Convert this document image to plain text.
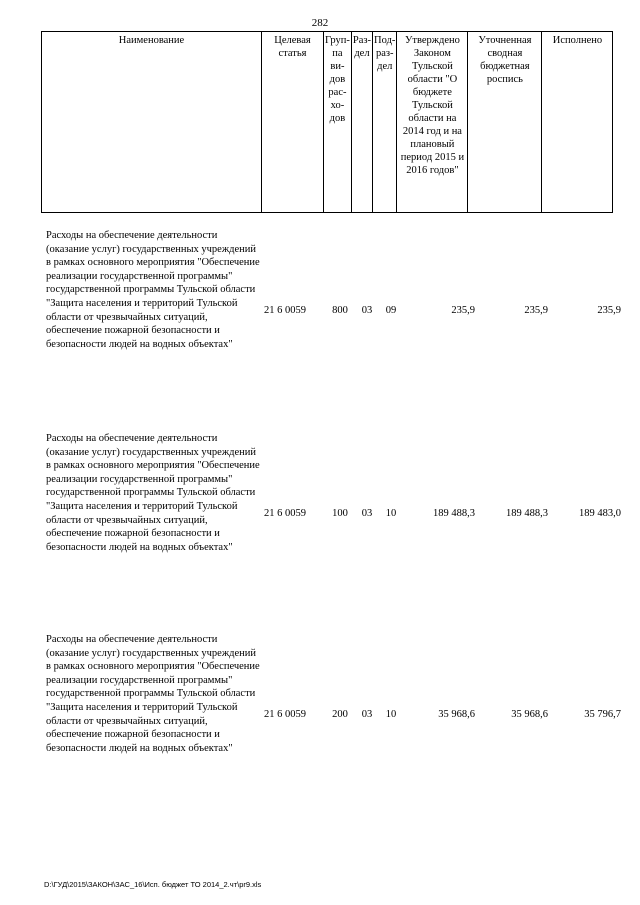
282
Наименование	Целевая статья	Груп-па ви-дов рас-хо-дов	Раз-дел	Под-раз-дел	Утверждено Законом Тульской области "О бюджете Тульской области на 2014 год и на плановый период 2015 и 2016 годов"	Уточненная сводная бюджетная роспись	Исполнено
Расходы на обеспечение деятельности (оказание услуг) государственных учреждений в рамках основного мероприятия "Обеспечение реализации государственной программы" государственной программы Тульской области "Защита населения и территорий Тульской области от чрезвычайных ситуаций, обеспечение пожарной безопасности и безопасности людей на водных объектах"
21 6 0059	800	03	09	235,9	235,9	235,9
Расходы на обеспечение деятельности (оказание услуг) государственных учреждений в рамках основного мероприятия "Обеспечение реализации государственной программы" государственной программы Тульской области "Защита населения и территорий Тульской области от чрезвычайных ситуаций, обеспечение пожарной безопасности и безопасности людей на водных объектах"
21 6 0059	100	03	10	189 488,3	189 488,3	189 483,0
Расходы на обеспечение деятельности (оказание услуг) государственных учреждений в рамках основного мероприятия "Обеспечение реализации государственной программы" государственной программы Тульской области "Защита населения и территорий Тульской области от чрезвычайных ситуаций, обеспечение пожарной безопасности и безопасности людей на водных объектах"
21 6 0059	200	03	10	35 968,6	35 968,6	35 796,7
D:\ГУД\2015\ЗАКОН\ЗАС_16\Исп. бюджет ТО 2014_2.чт\pr9.xls
